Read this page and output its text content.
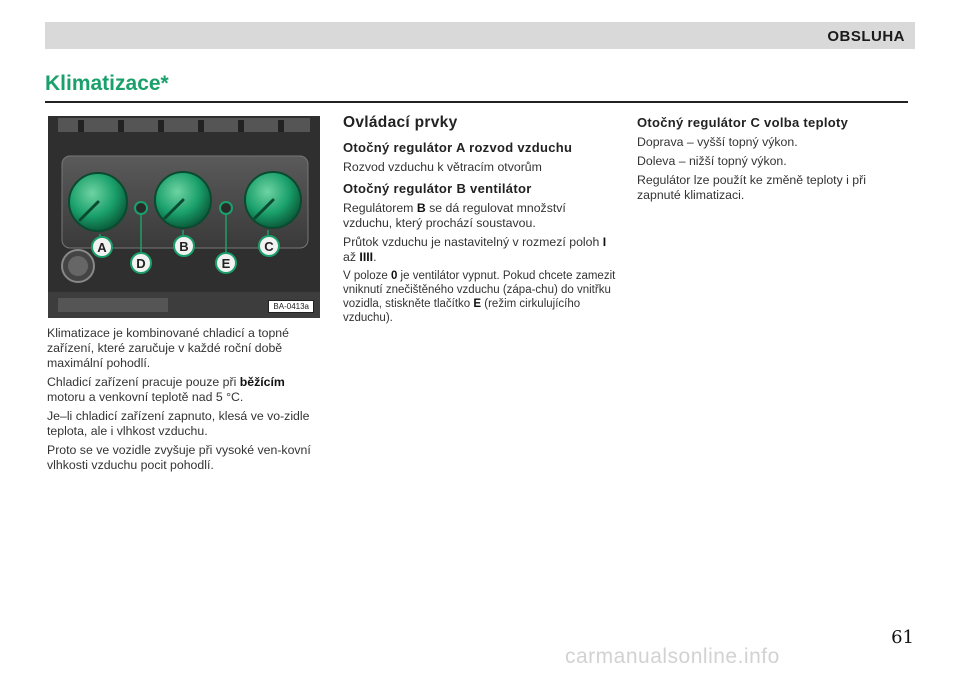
OBSLUHA
Klimatizace*
A
D
B
E
C
BA-0413a

Klimatizace je kombinované chladicí a topné zařízení, které zaručuje v každé roční době maximální pohodlí.

Chladicí zařízení pracuje pouze při běžícím motoru a venkovní teplotě nad 5 °C.

Je–li chladicí zařízení zapnuto, klesá ve vo-zidle teplota, ale i vlhkost vzduchu.

Proto se ve vozidle zvyšuje při vysoké ven-kovní vlhkosti vzduchu pocit pohodlí.

Ovládací prvky
Otočný regulátor A rozvod vzduchu

Rozvod vzduchu k větracím otvorům

Otočný regulátor B ventilátor

Regulátorem B se dá regulovat množství vzduchu, který prochází soustavou.

Průtok vzduchu je nastavitelný v rozmezí poloh I až IIII.

V poloze 0 je ventilátor vypnut. Pokud chcete zamezit vniknutí znečištěného vzduchu (zápa-chu) do vnitřku vozidla, stiskněte tlačítko E (režim cirkulujícího vzduchu).

Otočný regulátor C volba teploty

Doprava – vyšší topný výkon.

Doleva – nižší topný výkon.

Regulátor lze použít ke změně teploty i při zapnuté klimatizaci.

61
carmanualsonline.info
